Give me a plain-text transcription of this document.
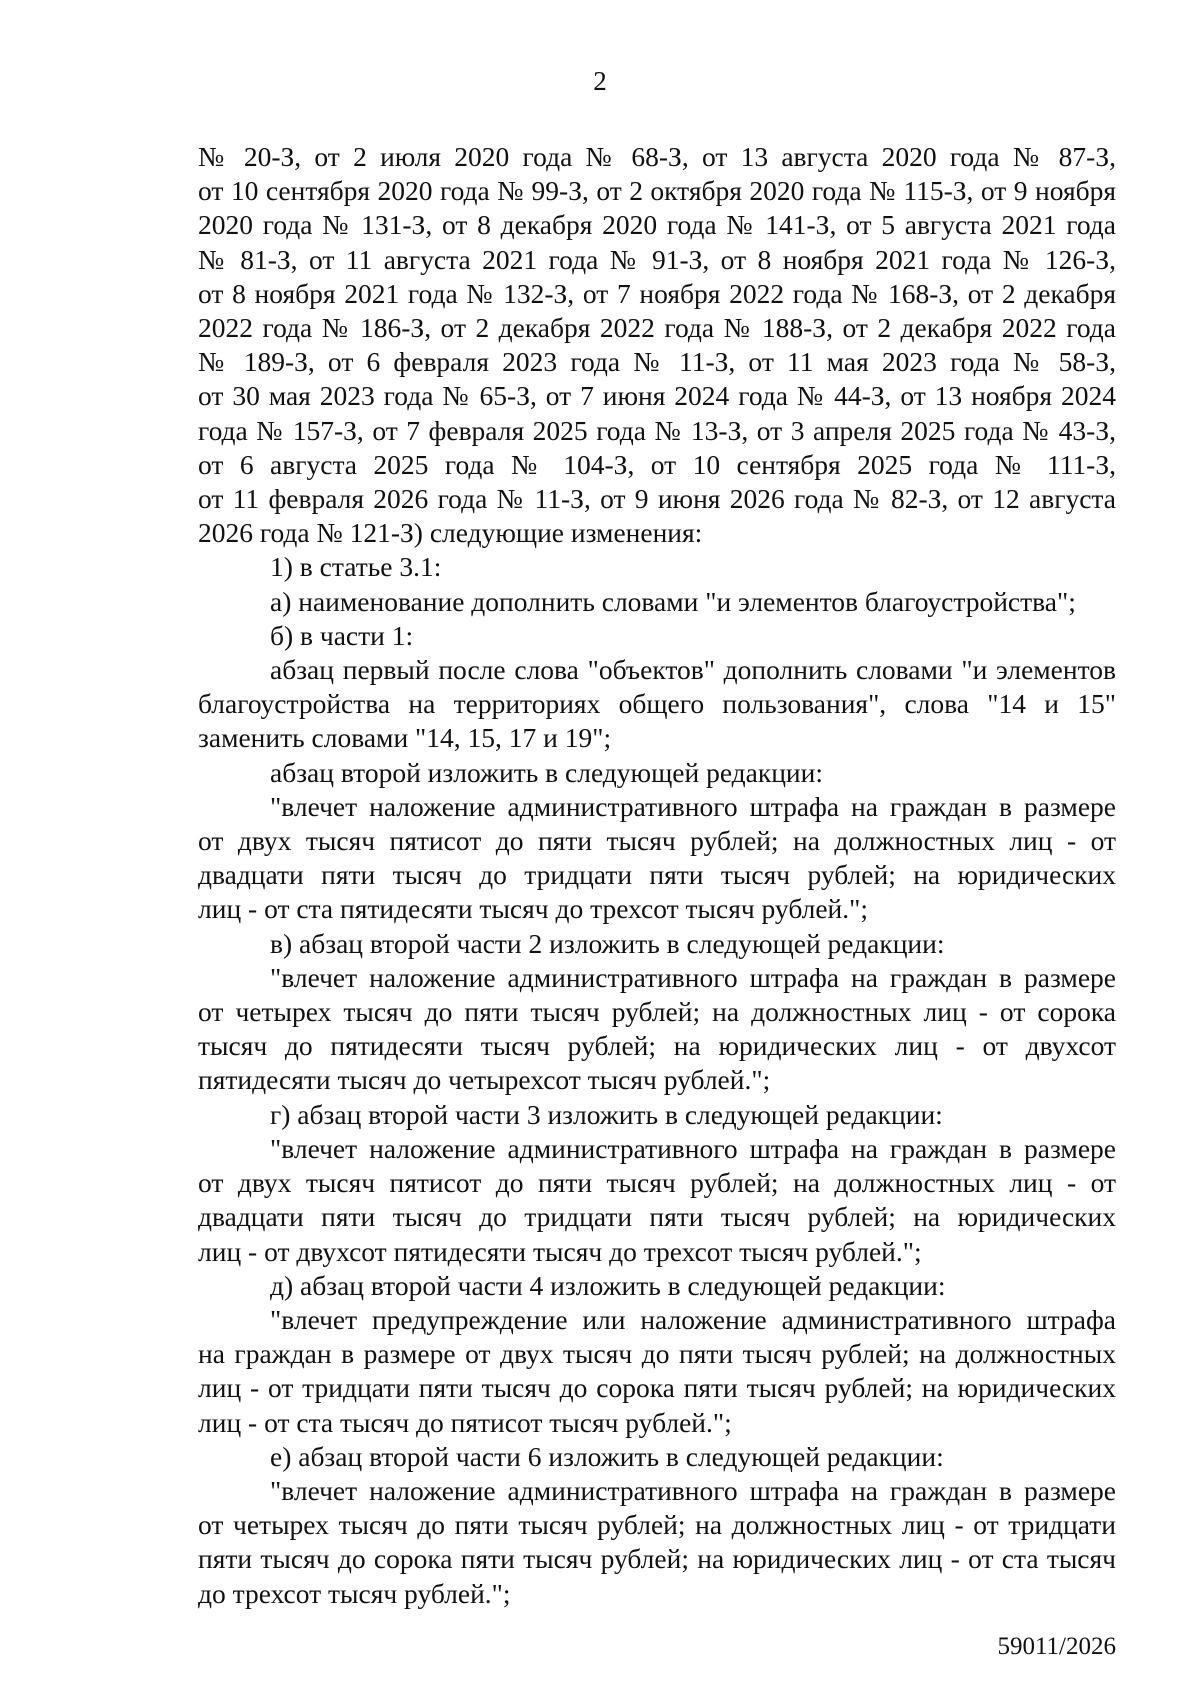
2
№ 20-З, от 2 июля 2020 года № 68-З, от 13 августа 2020 года № 87-З,
от 10 сентября 2020 года № 99-З, от 2 октября 2020 года № 115-З, от 9 ноября
2020 года № 131-З, от 8 декабря 2020 года № 141-З, от 5 августа 2021 года
№ 81-З, от 11 августа 2021 года № 91-З, от 8 ноября 2021 года № 126-З,
от 8 ноября 2021 года № 132-З, от 7 ноября 2022 года № 168-З, от 2 декабря
2022 года № 186-З, от 2 декабря 2022 года № 188-З, от 2 декабря 2022 года
№ 189-З, от 6 февраля 2023 года № 11-З, от 11 мая 2023 года № 58-З,
от 30 мая 2023 года № 65-З, от 7 июня 2024 года № 44-З, от 13 ноября 2024
года № 157-З, от 7 февраля 2025 года № 13-З, от 3 апреля 2025 года № 43-З,
от 6 августа 2025 года № 104-З, от 10 сентября 2025 года № 111-З,
от 11 февраля 2026 года № 11-З, от 9 июня 2026 года № 82-З, от 12 августа
2026 года № 121-З) следующие изменения:
1) в статье 3.1:
а) наименование дополнить словами "и элементов благоустройства";
б) в части 1:
абзац первый после слова "объектов" дополнить словами "и элементов
благоустройства на территориях общего пользования", слова "14 и 15"
заменить словами "14, 15, 17 и 19";
абзац второй изложить в следующей редакции:
"влечет наложение административного штрафа на граждан в размере
от двух тысяч пятисот до пяти тысяч рублей; на должностных лиц - от
двадцати пяти тысяч до тридцати пяти тысяч рублей; на юридических
лиц - от ста пятидесяти тысяч до трехсот тысяч рублей.";
в) абзац второй части 2 изложить в следующей редакции:
"влечет наложение административного штрафа на граждан в размере
от четырех тысяч до пяти тысяч рублей; на должностных лиц - от сорока
тысяч до пятидесяти тысяч рублей; на юридических лиц - от двухсот
пятидесяти тысяч до четырехсот тысяч рублей.";
г) абзац второй части 3 изложить в следующей редакции:
"влечет наложение административного штрафа на граждан в размере
от двух тысяч пятисот до пяти тысяч рублей; на должностных лиц - от
двадцати пяти тысяч до тридцати пяти тысяч рублей; на юридических
лиц - от двухсот пятидесяти тысяч до трехсот тысяч рублей.";
д) абзац второй части 4 изложить в следующей редакции:
"влечет предупреждение или наложение административного штрафа
на граждан в размере от двух тысяч до пяти тысяч рублей; на должностных
лиц - от тридцати пяти тысяч до сорока пяти тысяч рублей; на юридических
лиц - от ста тысяч до пятисот тысяч рублей.";
е) абзац второй части 6 изложить в следующей редакции:
"влечет наложение административного штрафа на граждан в размере
от четырех тысяч до пяти тысяч рублей; на должностных лиц - от тридцати
пяти тысяч до сорока пяти тысяч рублей; на юридических лиц - от ста тысяч
до трехсот тысяч рублей.";
59011/2026
